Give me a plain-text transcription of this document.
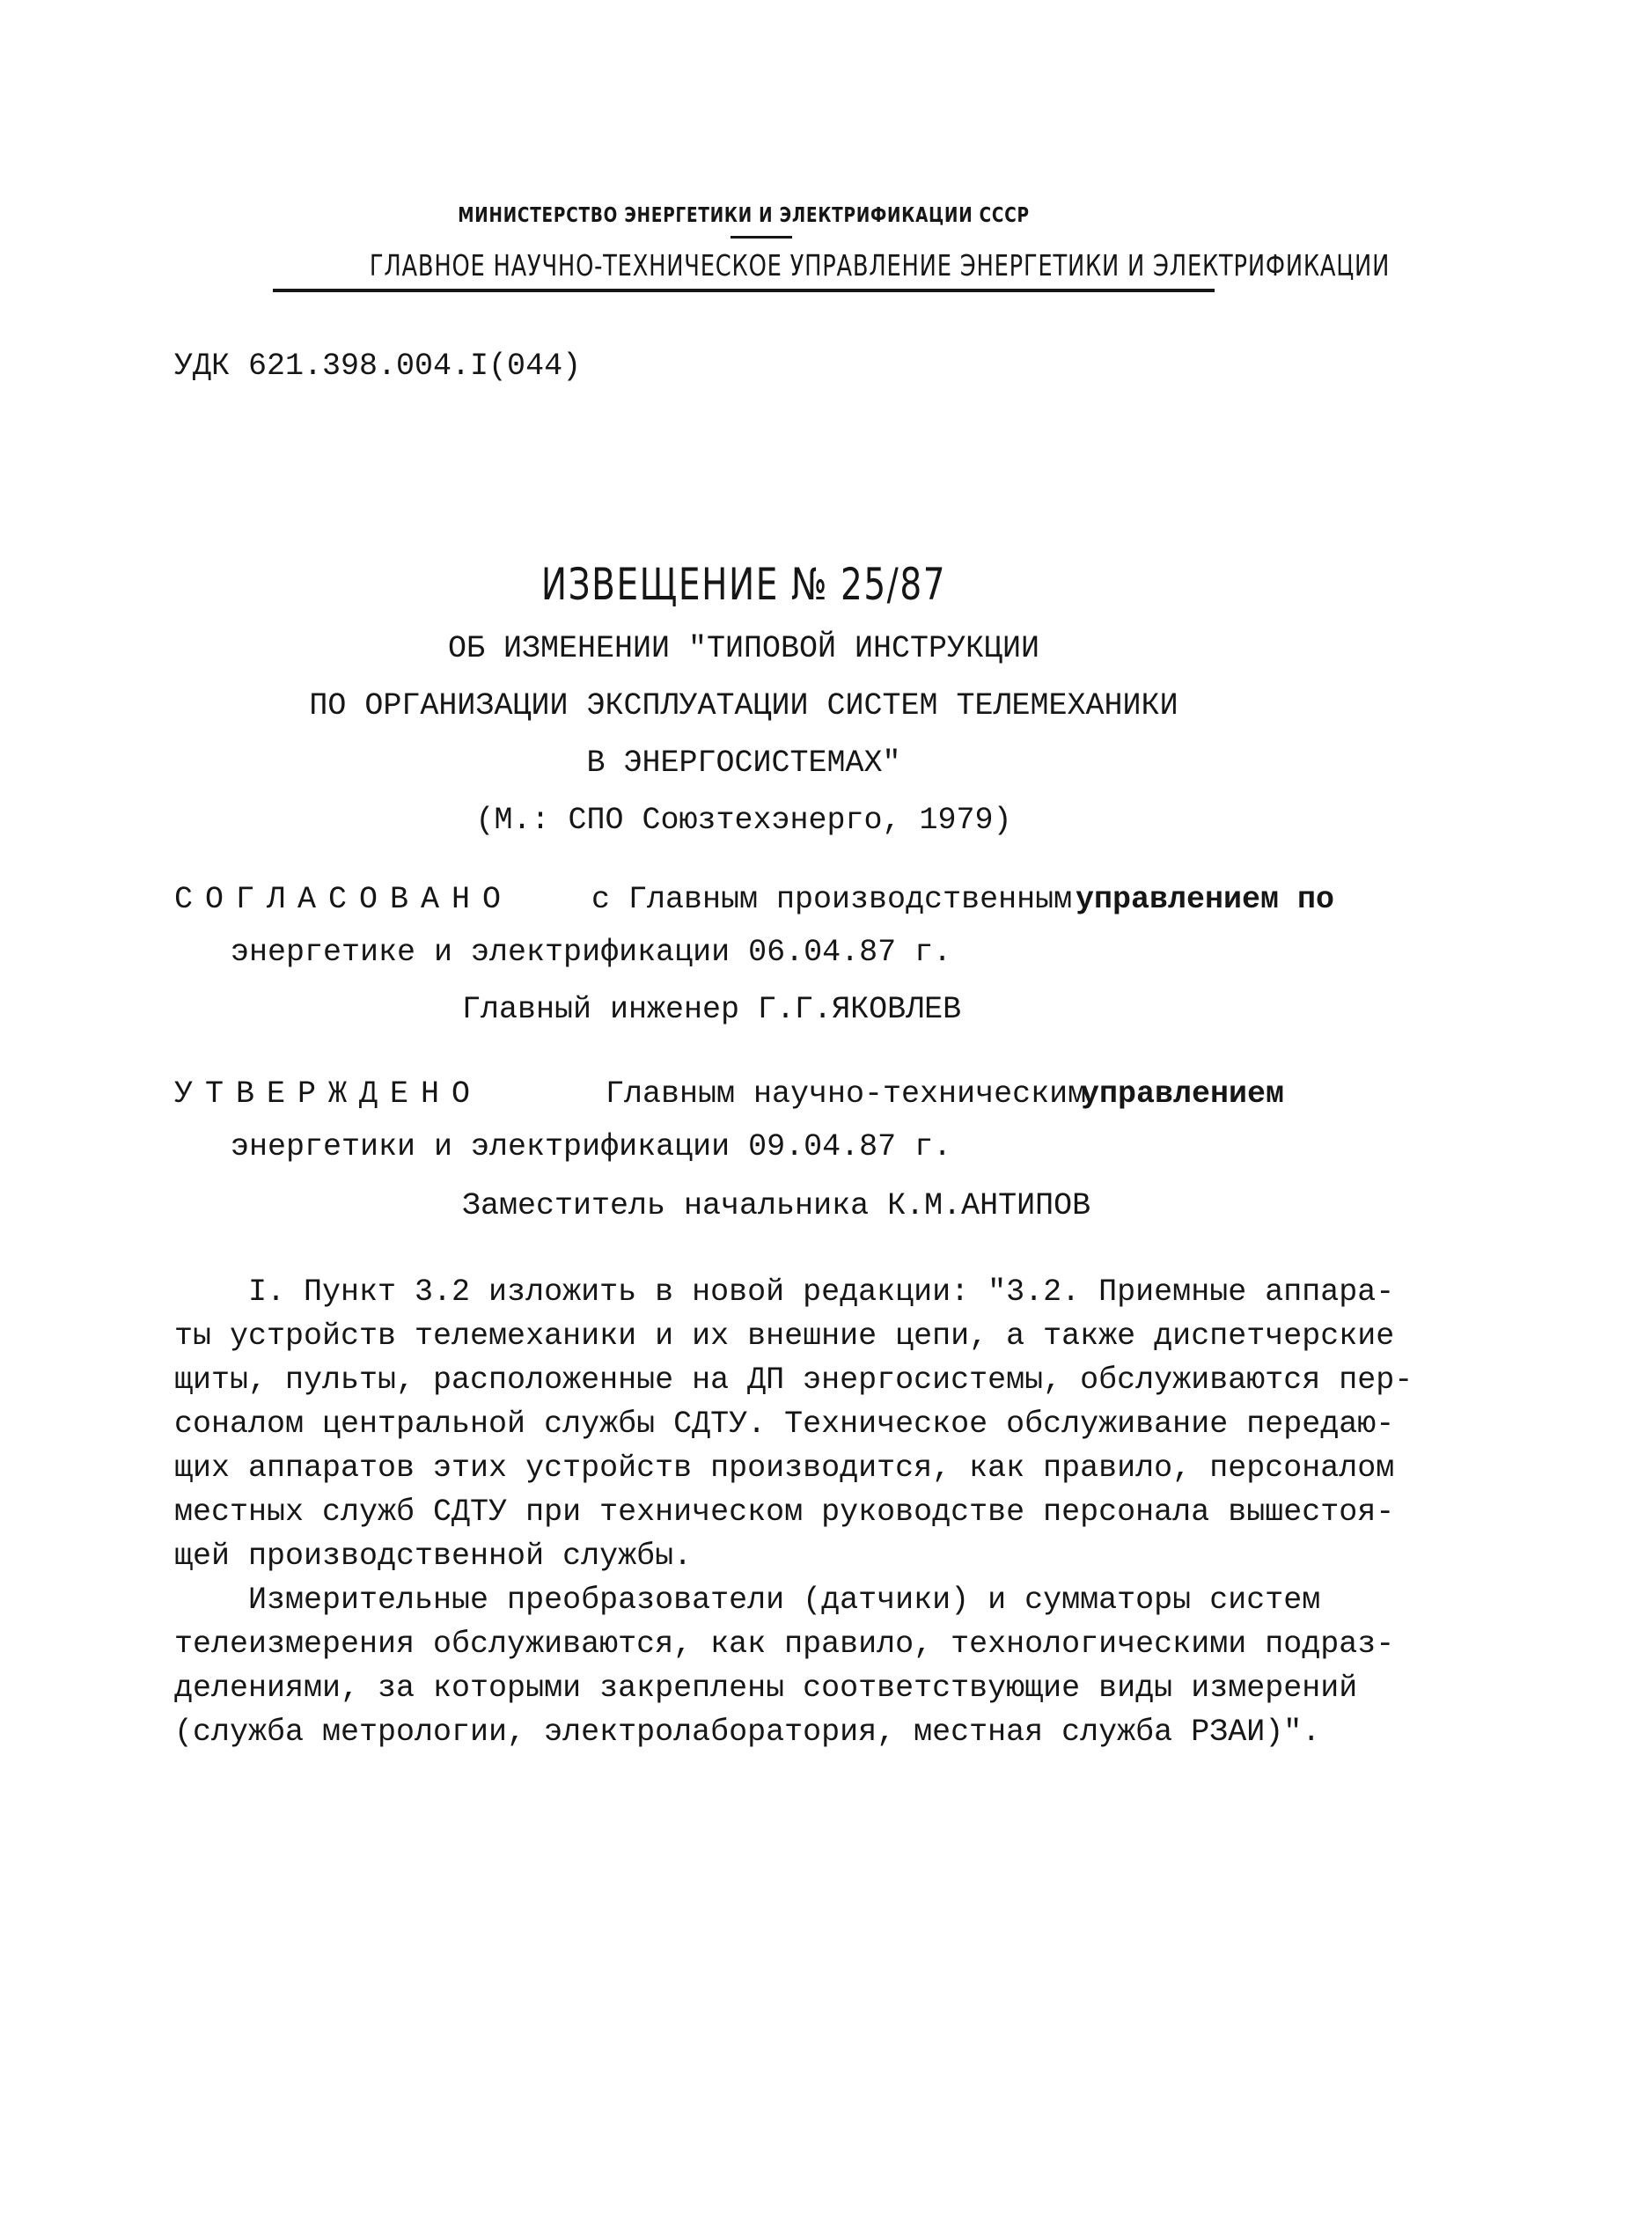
МИНИСТЕРСТВО ЭНЕРГЕТИКИ И ЭЛЕКТРИФИКАЦИИ СССР
ГЛАВНОЕ НАУЧНО-ТЕХНИЧЕСКОЕ УПРАВЛЕНИЕ ЭНЕРГЕТИКИ И ЭЛЕКТРИФИКАЦИИ
УДК 621.398.004.I(044)
ИЗВЕЩЕНИЕ № 25/87
ОБ ИЗМЕНЕНИИ "ТИПОВОЙ ИНСТРУКЦИИ
ПО ОРГАНИЗАЦИИ ЭКСПЛУАТАЦИИ СИСТЕМ ТЕЛЕМЕХАНИКИ
В ЭНЕРГОСИСТЕМАХ"
(М.: СПО Союзтехэнерго, 1979)
СОГЛАСОВАНО	с Главным производственным управлением по
энергетике и электрификации 06.04.87 г.
Главный инженер Г.Г.ЯКОВЛЕВ
УТВЕРЖДЕНО	Главным научно-техническим
управлением
энергетики и электрификации 09.04.87 г.
Заместитель начальника К.М.АНТИПОВ
I. Пункт 3.2 изложить в новой редакции: "3.2. Приемные аппара-
ты устройств телемеханики и их внешние цепи, а также диспетчерские
щиты, пульты, расположенные на ДП энергосистемы, обслуживаются пер-
соналом центральной службы СДТУ. Техническое обслуживание передаю-
щих аппаратов этих устройств производится, как правило, персоналом
местных служб СДТУ при техническом руководстве персонала вышестоя-
щей производственной службы.
Измерительные преобразователи (датчики) и сумматоры систем
телеизмерения обслуживаются, как правило, технологическими подраз-
делениями, за которыми закреплены соответствующие виды измерений
(служба метрологии, электролаборатория, местная служба РЗАИ)".
